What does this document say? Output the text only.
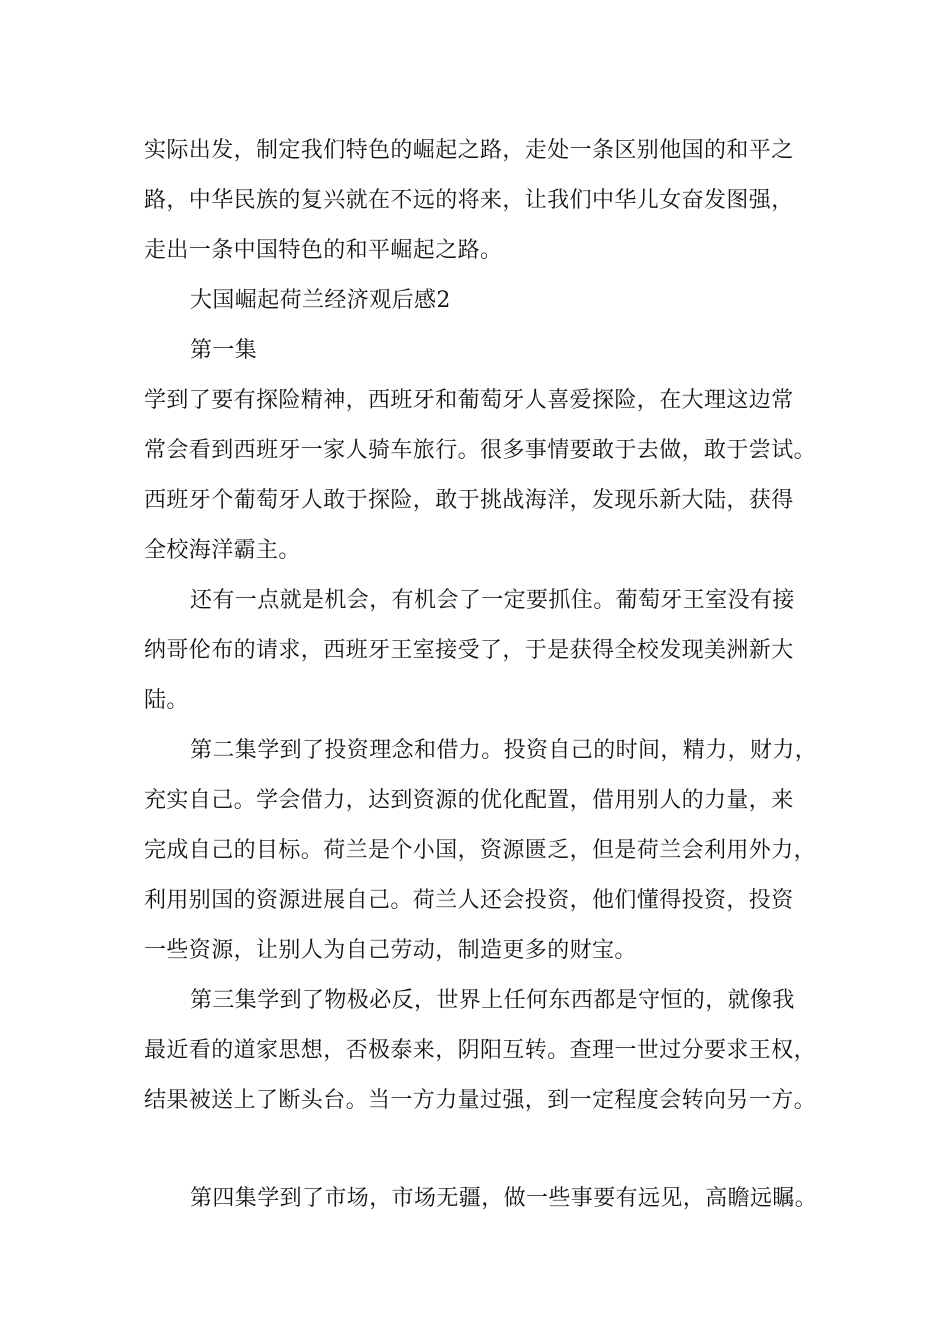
实际出发，制定我们特色的崛起之路，走处一条区别他国的和平之
路，中华民族的复兴就在不远的将来，让我们中华儿女奋发图强，
走出一条中国特色的和平崛起之路。
大国崛起荷兰经济观后感2
第一集
学到了要有探险精神，西班牙和葡萄牙人喜爱探险，在大理这边常
常会看到西班牙一家人骑车旅行。很多事情要敢于去做，敢于尝试。
西班牙个葡萄牙人敢于探险，敢于挑战海洋，发现乐新大陆，获得
全校海洋霸主。
还有一点就是机会，有机会了一定要抓住。葡萄牙王室没有接
纳哥伦布的请求，西班牙王室接受了，于是获得全校发现美洲新大
陆。
第二集学到了投资理念和借力。投资自己的时间，精力，财力，
充实自己。学会借力，达到资源的优化配置，借用别人的力量，来
完成自己的目标。荷兰是个小国，资源匮乏，但是荷兰会利用外力，
利用别国的资源进展自己。荷兰人还会投资，他们懂得投资，投资
一些资源，让别人为自己劳动，制造更多的财宝。
第三集学到了物极必反，世界上任何东西都是守恒的，就像我
最近看的道家思想，否极泰来，阴阳互转。查理一世过分要求王权，
结果被送上了断头台。当一方力量过强，到一定程度会转向另一方。
第四集学到了市场，市场无疆，做一些事要有远见，高瞻远瞩。
